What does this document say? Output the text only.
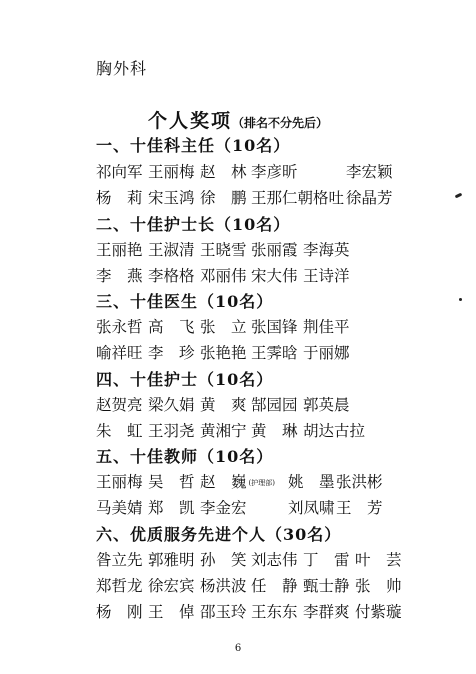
胸外科
个人奖项（排名不分先后）
一、十佳科主任（10名）
祁向军 王丽梅 赵　林 李彦昕	李宏颖
杨　莉 宋玉鸿 徐　鹏 王那仁朝格吐 徐晶芳
二、十佳护士长（10名）
王丽艳 王淑清 王晓雪 张丽霞 李海英
李　燕 李格格 邓丽伟 宋大伟 王诗洋
三、十佳医生（10名）
张永哲 高　飞 张　立 张国锋 荆佳平
喻祥旺 李　珍 张艳艳 王霁晗 于丽娜
四、十佳护士（10名）
赵贺亮 梁久娟 黄　爽 郜园园 郭英晨
朱　虹 王羽尧 黄湘宁 黄　琳 胡达古拉
五、十佳教师（10名）
王丽梅 吴　哲 赵　巍 (护理部) 姚　墨 张洪彬
马美婧 郑　凯 李金宏	刘凤啸 王　芳
六、优质服务先进个人（30名）
昝立先 郭雅明 孙　笑 刘志伟 丁　雷 叶　芸
郑哲龙 徐宏宾 杨洪波 任　静 甄士静 张　帅
杨　刚 王　倬 邵玉玲 王东东 李群爽 付紫璇
6
